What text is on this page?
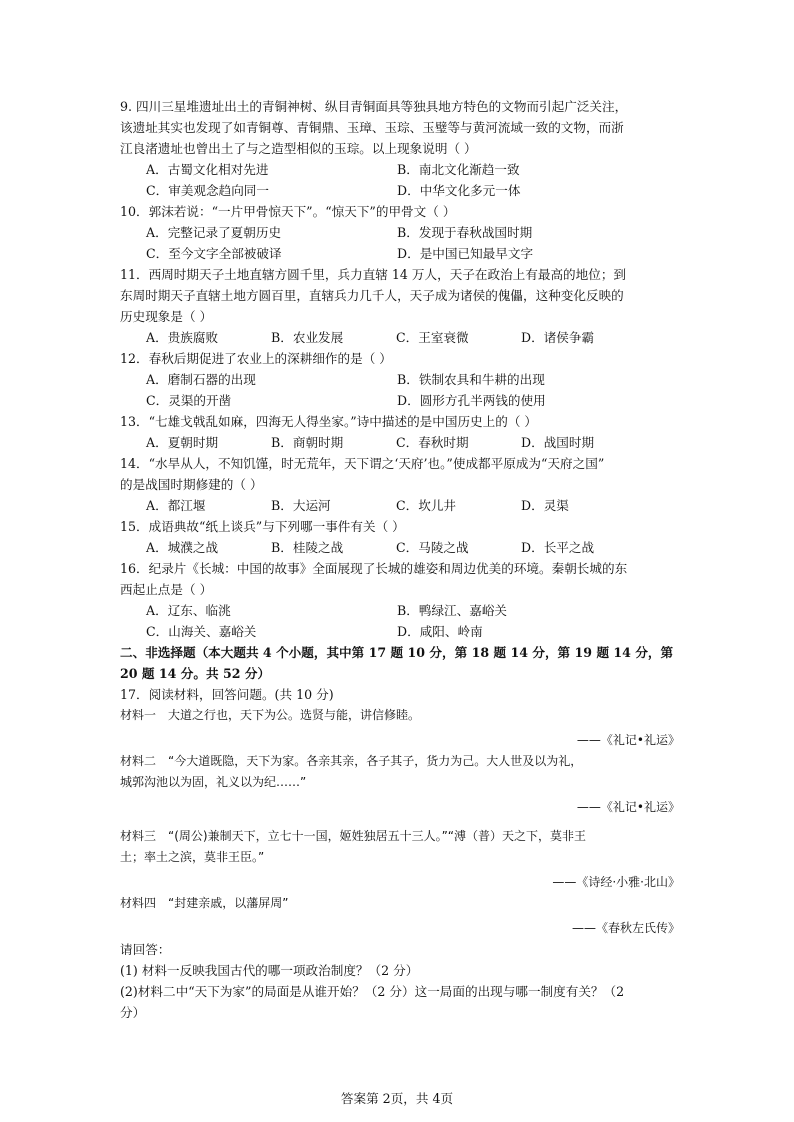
9. 四川三星堆遗址出土的青铜神树、纵目青铜面具等独具地方特色的文物而引起广泛关注，
该遗址其实也发现了如青铜尊、青铜鼎、玉璋、玉琮、玉璧等与黄河流域一致的文物，而浙
江良渚遗址也曾出土了与之造型相似的玉琮。以上现象说明（ ）
A．古蜀文化相对先进	B．南北文化渐趋一致
C．审美观念趋向同一	D．中华文化多元一体
10．郭沫若说：“一片甲骨惊天下”。“惊天下”的甲骨文（ ）
A．完整记录了夏朝历史	B．发现于春秋战国时期
C．至今文字全部被破译	D．是中国已知最早文字
11．西周时期天子土地直辖方圆千里，兵力直辖 14 万人，天子在政治上有最高的地位；到
东周时期天子直辖土地方圆百里，直辖兵力几千人，天子成为诸侯的傀儡，这种变化反映的
历史现象是（ ）
A．贵族腐败	B．农业发展	C．王室衰微	D．诸侯争霸
12．春秋后期促进了农业上的深耕细作的是（ ）
A．磨制石器的出现	B．铁制农具和牛耕的出现
C．灵渠的开凿	D．圆形方孔半两钱的使用
13．“七雄戈戟乱如麻，四海无人得坐家。”诗中描述的是中国历史上的（ ）
A．夏朝时期	B．商朝时期	C．春秋时期	D．战国时期
14．“水旱从人，不知饥馑，时无荒年，天下谓之‘天府’也。”使成都平原成为“天府之国”
的是战国时期修建的（ ）
A．都江堰	B．大运河	C．坎儿井	D．灵渠
15．成语典故“纸上谈兵”与下列哪一事件有关（ ）
A．城濮之战	B．桂陵之战	C．马陵之战	D．长平之战
16．纪录片《长城：中国的故事》全面展现了长城的雄姿和周边优美的环境。秦朝长城的东
西起止点是（ ）
A．辽东、临洮	B．鸭绿江、嘉峪关
C．山海关、嘉峪关	D．咸阳、岭南
二、非选择题（本大题共 4 个小题，其中第 17 题 10 分，第 18 题 14 分，第 19 题 14 分，第
20 题 14 分。共 52 分）
17．阅读材料，回答问题。(共 10 分)
材料一　大道之行也，天下为公。选贤与能，讲信修睦。
——《礼记•礼运》
材料二　“今大道既隐，天下为家。各亲其亲，各子其子，货力为己。大人世及以为礼，
城郭沟池以为固，礼义以为纪……”
——《礼记•礼运》
材料三　“(周公)兼制天下，立七十一国，姬姓独居五十三人。”“溥（普）天之下，莫非王
土；率土之滨，莫非王臣。”
——《诗经·小雅·北山》
材料四　“封建亲戚，以藩屏周”
——《春秋左氏传》
请回答：
(1) 材料一反映我国古代的哪一项政治制度？（2 分）
(2)材料二中“天下为家”的局面是从谁开始？（2 分）这一局面的出现与哪一制度有关？（2
分）
答案第 2页，共 4页
